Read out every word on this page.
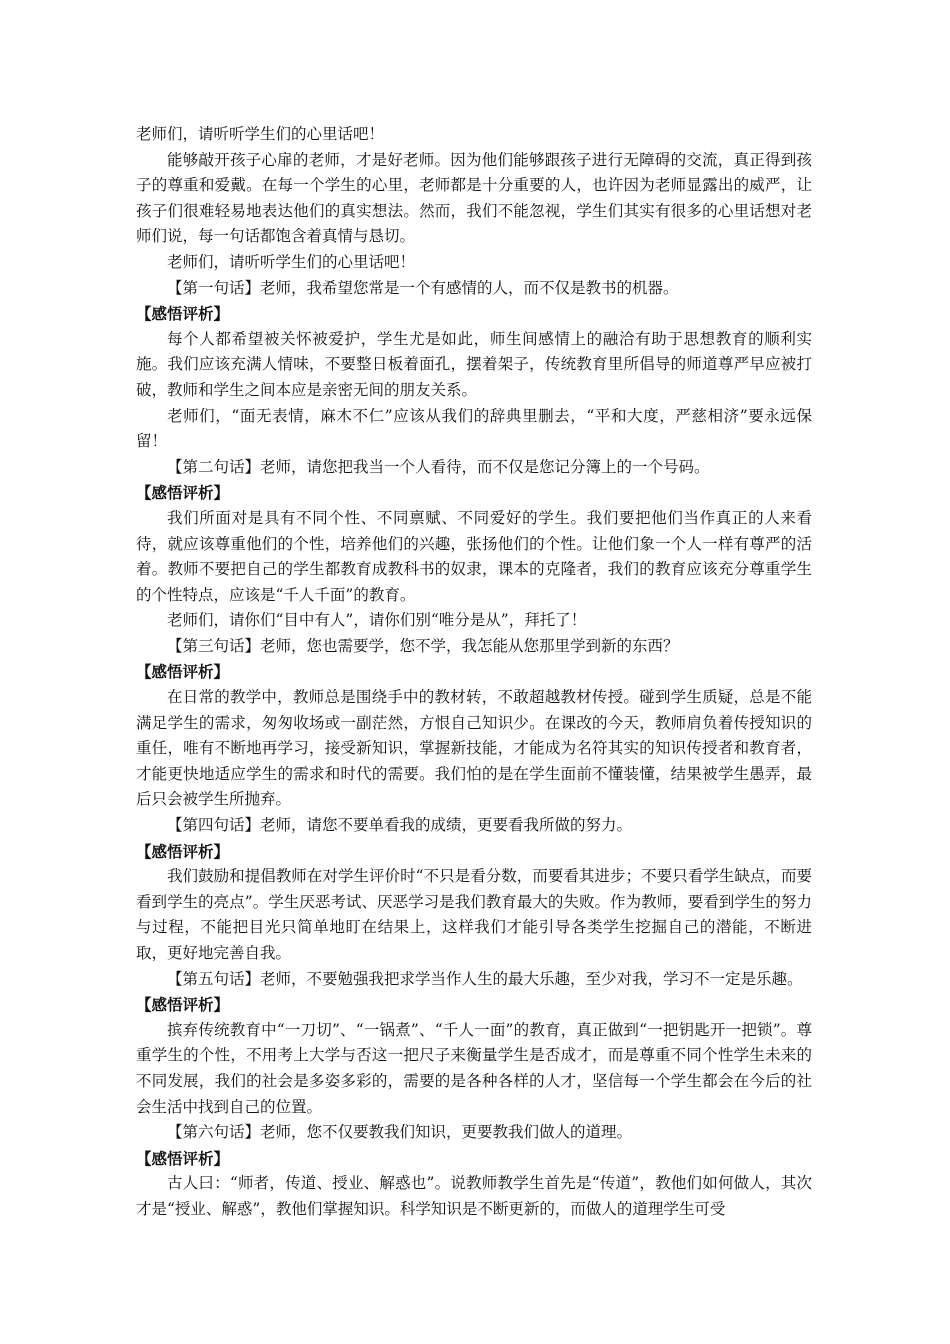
老师们，请听听学生们的心里话吧！

能够敲开孩子心扉的老师，才是好老师。因为他们能够跟孩子进行无障碍的交流，真正得到孩子的尊重和爱戴。在每一个学生的心里，老师都是十分重要的人，也许因为老师显露出的威严，让孩子们很难轻易地表达他们的真实想法。然而，我们不能忽视，学生们其实有很多的心里话想对老师们说，每一句话都饱含着真情与恳切。

老师们，请听听学生们的心里话吧！

【第一句话】老师，我希望您常是一个有感情的人，而不仅是教书的机器。

【感悟评析】

每个人都希望被关怀被爱护，学生尤是如此，师生间感情上的融洽有助于思想教育的顺利实施。我们应该充满人情味，不要整日板着面孔，摆着架子，传统教育里所倡导的师道尊严早应被打破，教师和学生之间本应是亲密无间的朋友关系。

老师们，“面无表情，麻木不仁”应该从我们的辞典里删去，“平和大度，严慈相济”要永远保留！

【第二句话】老师，请您把我当一个人看待，而不仅是您记分簿上的一个号码。

【感悟评析】

我们所面对是具有不同个性、不同禀赋、不同爱好的学生。我们要把他们当作真正的人来看待，就应该尊重他们的个性，培养他们的兴趣，张扬他们的个性。让他们象一个人一样有尊严的活着。教师不要把自己的学生都教育成教科书的奴隶，课本的克隆者，我们的教育应该充分尊重学生的个性特点，应该是“千人千面”的教育。

老师们，请你们“目中有人”，请你们别“唯分是从”，拜托了！

【第三句话】老师，您也需要学，您不学，我怎能从您那里学到新的东西？

【感悟评析】

在日常的教学中，教师总是围绕手中的教材转，不敢超越教材传授。碰到学生质疑，总是不能满足学生的需求，匆匆收场或一副茫然，方恨自己知识少。在课改的今天，教师肩负着传授知识的重任，唯有不断地再学习，接受新知识，掌握新技能，才能成为名符其实的知识传授者和教育者，才能更快地适应学生的需求和时代的需要。我们怕的是在学生面前不懂装懂，结果被学生愚弄，最后只会被学生所抛弃。

【第四句话】老师，请您不要单看我的成绩，更要看我所做的努力。

【感悟评析】

我们鼓励和提倡教师在对学生评价时“不只是看分数，而要看其进步；不要只看学生缺点，而要看到学生的亮点”。学生厌恶考试、厌恶学习是我们教育最大的失败。作为教师，要看到学生的努力与过程，不能把目光只简单地盯在结果上，这样我们才能引导各类学生挖掘自己的潜能，不断进取，更好地完善自我。

【第五句话】老师，不要勉强我把求学当作人生的最大乐趣，至少对我，学习不一定是乐趣。

【感悟评析】

摈弃传统教育中“一刀切”、“一锅煮”、“千人一面”的教育，真正做到“一把钥匙开一把锁”。尊重学生的个性，不用考上大学与否这一把尺子来衡量学生是否成才，而是尊重不同个性学生未来的不同发展，我们的社会是多姿多彩的，需要的是各种各样的人才，坚信每一个学生都会在今后的社会生活中找到自己的位置。

【第六句话】老师，您不仅要教我们知识，更要教我们做人的道理。

【感悟评析】

古人曰：“师者，传道、授业、解惑也”。说教师教学生首先是“传道”，教他们如何做人，其次才是“授业、解惑”，教他们掌握知识。科学知识是不断更新的，而做人的道理学生可受
